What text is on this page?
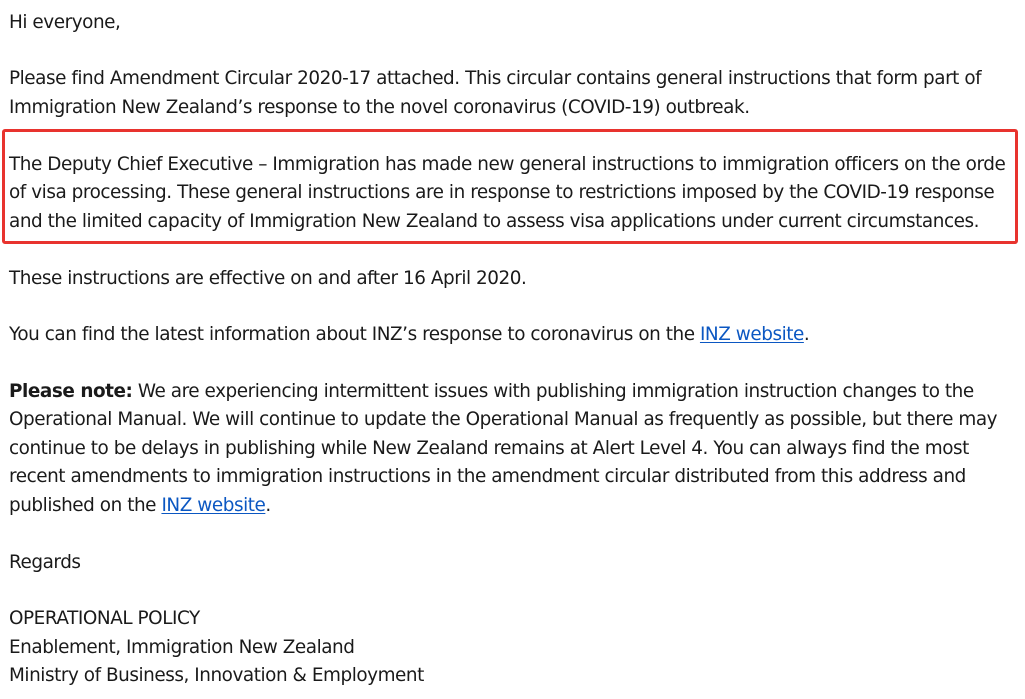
Hi everyone,
Please find Amendment Circular 2020-17 attached. This circular contains general instructions that form part of
Immigration New Zealand’s response to the novel coronavirus (COVID-19) outbreak.
The Deputy Chief Executive – Immigration has made new general instructions to immigration officers on the orde
of visa processing. These general instructions are in response to restrictions imposed by the COVID-19 response
and the limited capacity of Immigration New Zealand to assess visa applications under current circumstances.
These instructions are effective on and after 16 April 2020.
You can find the latest information about INZ’s response to coronavirus on the INZ website.
Please note: We are experiencing intermittent issues with publishing immigration instruction changes to the
Operational Manual. We will continue to update the Operational Manual as frequently as possible, but there may
continue to be delays in publishing while New Zealand remains at Alert Level 4. You can always find the most
recent amendments to immigration instructions in the amendment circular distributed from this address and
published on the INZ website.
Regards
OPERATIONAL POLICY
Enablement, Immigration New Zealand
Ministry of Business, Innovation & Employment
